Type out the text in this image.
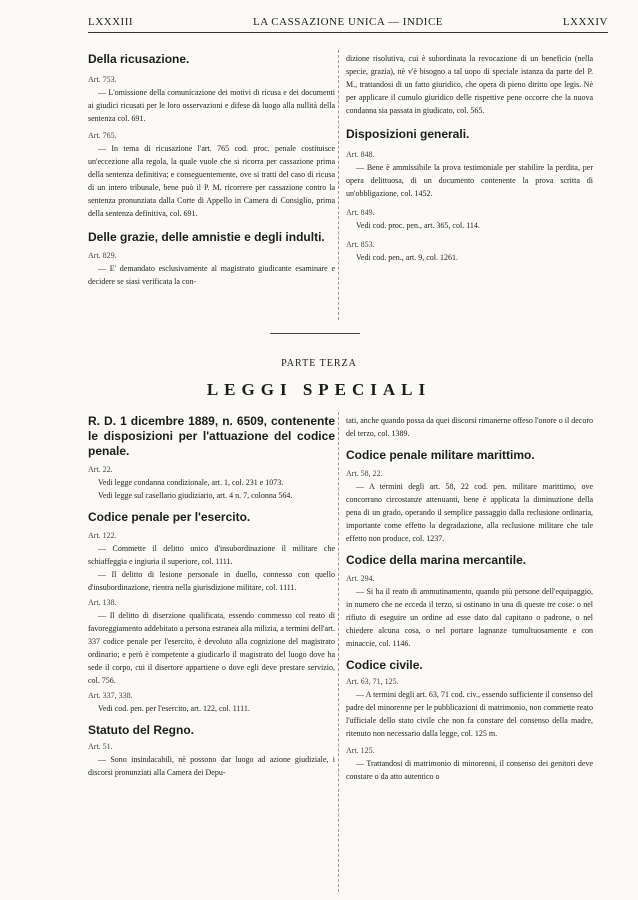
LXXXIII	LA CASSAZIONE UNICA — INDICE	LXXXIV

Della ricusazione.

Art. 753.

— L'omissione della comunicazione dei motivi di ricusa e dei documenti ai giudici ricusati per le loro osservazioni e difese dà luogo alla nullità della sentenza col. 691.

Art. 765.

— In tema di ricusazione l'art. 765 cod. proc. penale costituisce un'eccezione alla regola, la quale vuole che si ricorra per cassazione prima della sentenza definitiva; e conseguentemente, ove si tratti del caso di ricusa di un intero tribunale, bene può il P. M. ricorrere per cassazione contro la sentenza pronunziata dalla Corte di Appello in Camera di Consiglio, prima della sentenza definitiva, col. 691.

Delle grazie, delle amnistie e degli indulti.

Art. 829.

— E' demandato esclusivamente al magistrato giudicante esaminare e decidere se siasi verificata la con-

dizione risolutiva, cui è subordinata la revocazione di un beneficio (nella specie, grazia), nè v'è bisogno a tal uopo di speciale istanza da parte del P. M., trattandosi di un fatto giuridico, che opera di pieno diritto ope legis. Nè per applicare il cumulo giuridico delle rispettive pene occorre che la nuova condanna sia passata in giudicato, col. 565.

Disposizioni generali.

Art. 848.

— Bene è ammissibile la prova testimoniale per stabilire la perdita, per opera delittuosa, di un documento contenente la prova scritta di un'obbligazione, col. 1452.

Art. 849.

Vedi cod. proc. pen., art. 365, col. 114.

Art. 853.

Vedi cod. pen., art. 9, col. 1261.

PARTE TERZA
LEGGI SPECIALI

R. D. 1 dicembre 1889, n. 6509, contenente le disposizioni per l'attuazione del codice penale.

Art. 22.

Vedi legge condanna condizionale, art. 1, col. 231 e 1073.

Vedi legge sul casellario giudiziario, art. 4 n. 7, colonna 564.

Codice penale per l'esercito.

Art. 122.

— Commette il delitto unico d'insubordinazione il militare che schiaffeggia e ingiuria il superiore, col. 1111.

— Il delitto di lesione personale in duello, connesso con quello d'insubordinazione, rientra nella giurisdizione militare, col. 1111.

Art. 138.

— Il delitto di diserzione qualificata, essendo commesso col reato di favoreggiamento addebitato a persona estranea alla milizia, a termini dell'art. 337 codice penale per l'esercito, è devoluto alla cognizione del magistrato ordinario; e però è competente a giudicarlo il magistrato del luogo dove ha sede il corpo, cui il disertore appartiene o dove egli deve prestare servizio, col. 756.

Art. 337, 338.

Vedi cod. pen. per l'esercito, art. 122, col. 1111.

Statuto del Regno.

Art. 51.

— Sono insindacabili, nè possono dar luogo ad azione giudiziale, i discorsi pronunziati alla Camera dei Depu-

tati, anche quando possa da quei discorsi rimanerne offeso l'onore o il decoro del terzo, col. 1389.

Codice penale militare marittimo.

Art. 58, 22.

— A termini degli art. 58, 22 cod. pen. militare marittimo, ove concorrano circostanze attenuanti, bene è applicata la diminuzione della pena di un grado, operando il semplice passaggio dalla reclusione ordinaria, importante come effetto la degradazione, alla reclusione militare che tale effetto non produce, col. 1237.

Codice della marina mercantile.

Art. 294.

— Si ha il reato di ammutinamento, quando più persone dell'equipaggio, in numero che ne ecceda il terzo, si ostinano in una di queste tre cose: o nel rifiuto di eseguire un ordine ad esse dato dal capitano o padrone, o nel chiedere alcuna cosa, o nel portare lagnanze tumultuosamente e con minaccie, col. 1146.

Codice civile.

Art. 63, 71, 125.

— A termini degli art. 63, 71 cod. civ., essendo sufficiente il consenso del padre del minorenne per le pubblicazioni di matrimonio, non commette reato l'ufficiale dello stato civile che non fa constare del consenso della madre, ritenuto non necessario dalla legge, col. 125 m.

Art. 125.

— Trattandosi di matrimonio di minorenni, il consenso dei genitori deve constare o da atto autentico o
